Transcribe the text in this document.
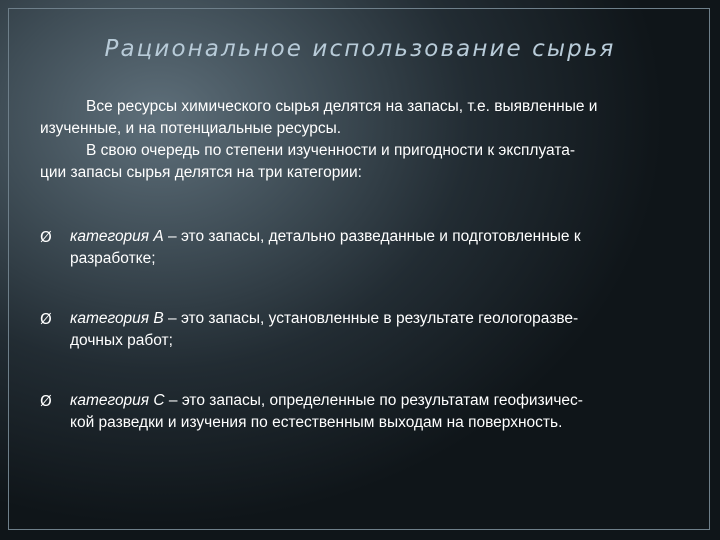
Рациональное использование сырья

Все ресурсы химического сырья делятся на запасы, т.е. выявленные и
изученные, и на потенциальные ресурсы.

В свою очередь по степени изученности и пригодности к эксплуата-
ции запасы сырья делятся на три категории:

Ø категория А – это запасы, детально разведанные и подготовленные к
разработке;
Ø категория В – это запасы, установленные в результате геологоразве-
дочных работ;
Ø категория С – это запасы, определенные по результатам геофизичес-
кой разведки и изучения по естественным выходам на поверхность.
